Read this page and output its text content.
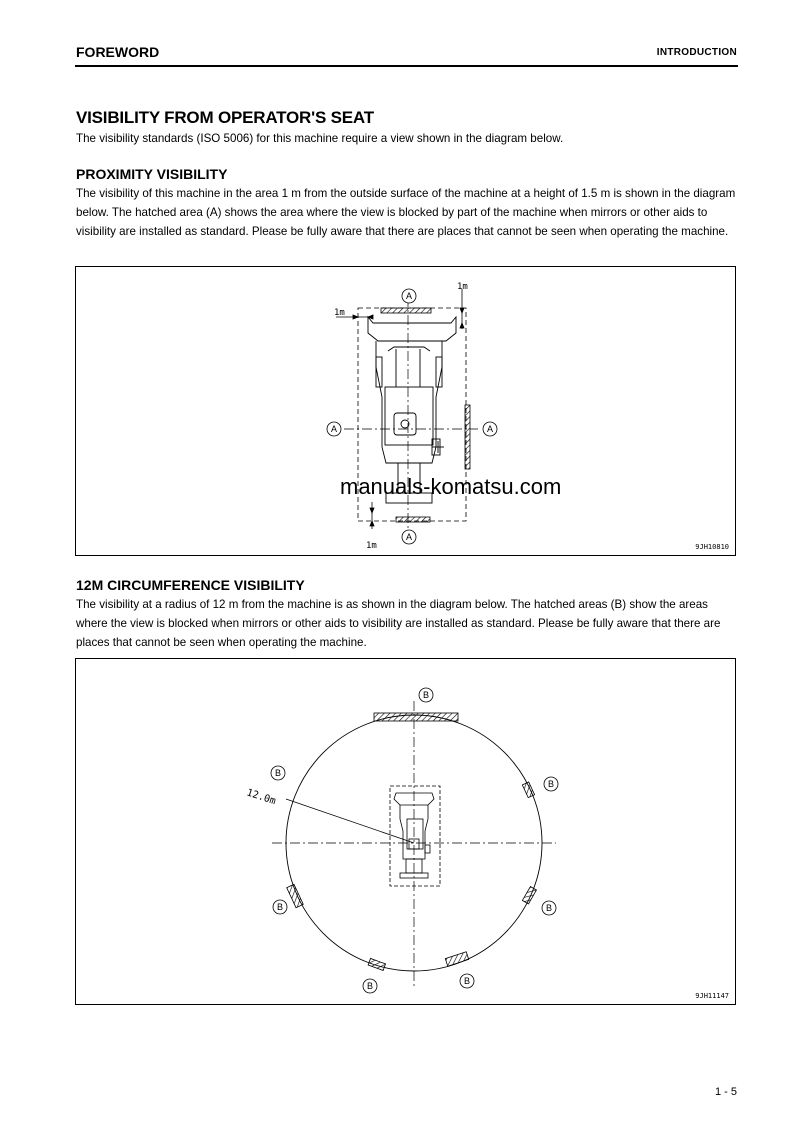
FOREWORD	INTRODUCTION
VISIBILITY FROM OPERATOR'S SEAT
The visibility standards (ISO 5006) for this machine require a view shown in the diagram below.
PROXIMITY VISIBILITY
The visibility of this machine in the area 1 m from the outside surface of the machine at a height of 1.5 m is shown in the diagram below. The hatched area (A) shows the area where the view is blocked by part of the machine when mirrors or other aids to visibility are installed as standard. Please be fully aware that there are places that cannot be seen when operating the machine.
1m
1m
1m
A
A	A
A
9JH10810
manuals-komatsu.com
12M CIRCUMFERENCE VISIBILITY
The visibility at a radius of 12 m from the machine is as shown in the diagram below. The hatched areas (B) show the areas where the view is blocked when mirrors or other aids to visibility are installed as standard. Please be fully aware that there are places that cannot be seen when operating the machine.
12.0m
B
B
B
B	B
B	B
9JH11147
1 - 5
